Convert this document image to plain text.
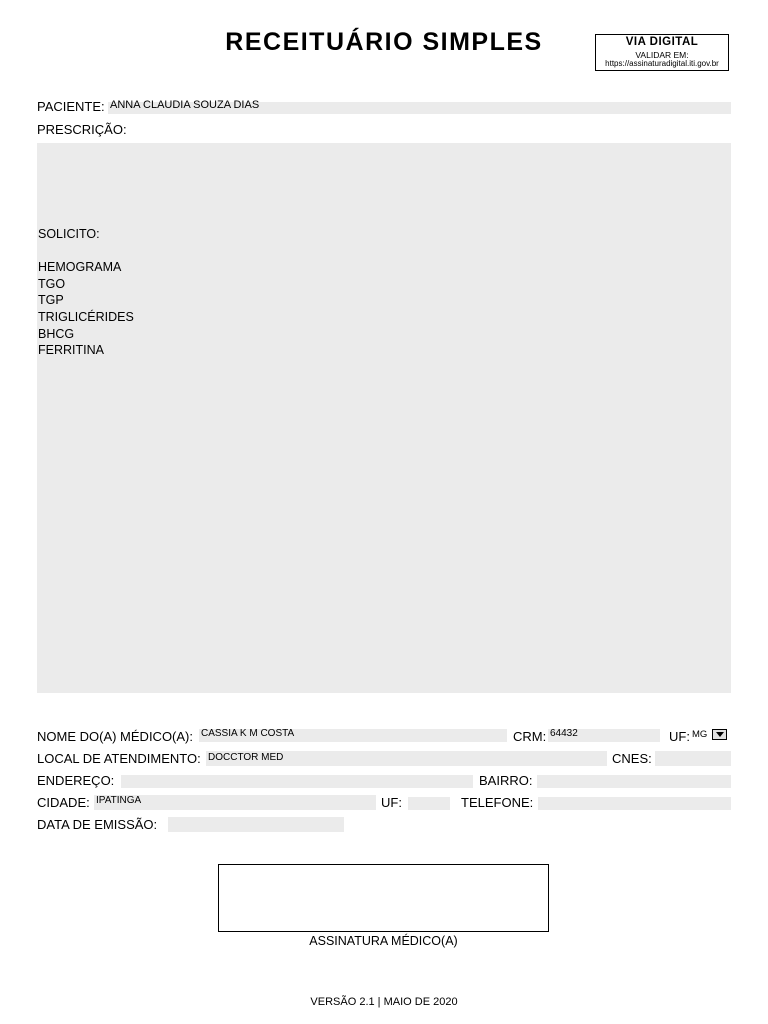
RECEITUÁRIO SIMPLES	VIA DIGITAL
VALIDAR EM:
https://assinaturadigital.iti.gov.br
PACIENTE: ANNA CLAUDIA SOUZA DIAS
PRESCRIÇÃO:
SOLICITO:

HEMOGRAMA
TGO
TGP
TRIGLICÉRIDES
BHCG
FERRITINA
NOME DO(A) MÉDICO(A): CASSIA K M COSTA	CRM: 64432	UF: MG
LOCAL DE ATENDIMENTO: DOCCTOR MED	CNES:
ENDEREÇO:	BAIRRO:
CIDADE: IPATINGA	UF:	TELEFONE:
DATA DE EMISSÃO:
ASSINATURA MÉDICO(A)
VERSÃO 2.1 | MAIO DE 2020
